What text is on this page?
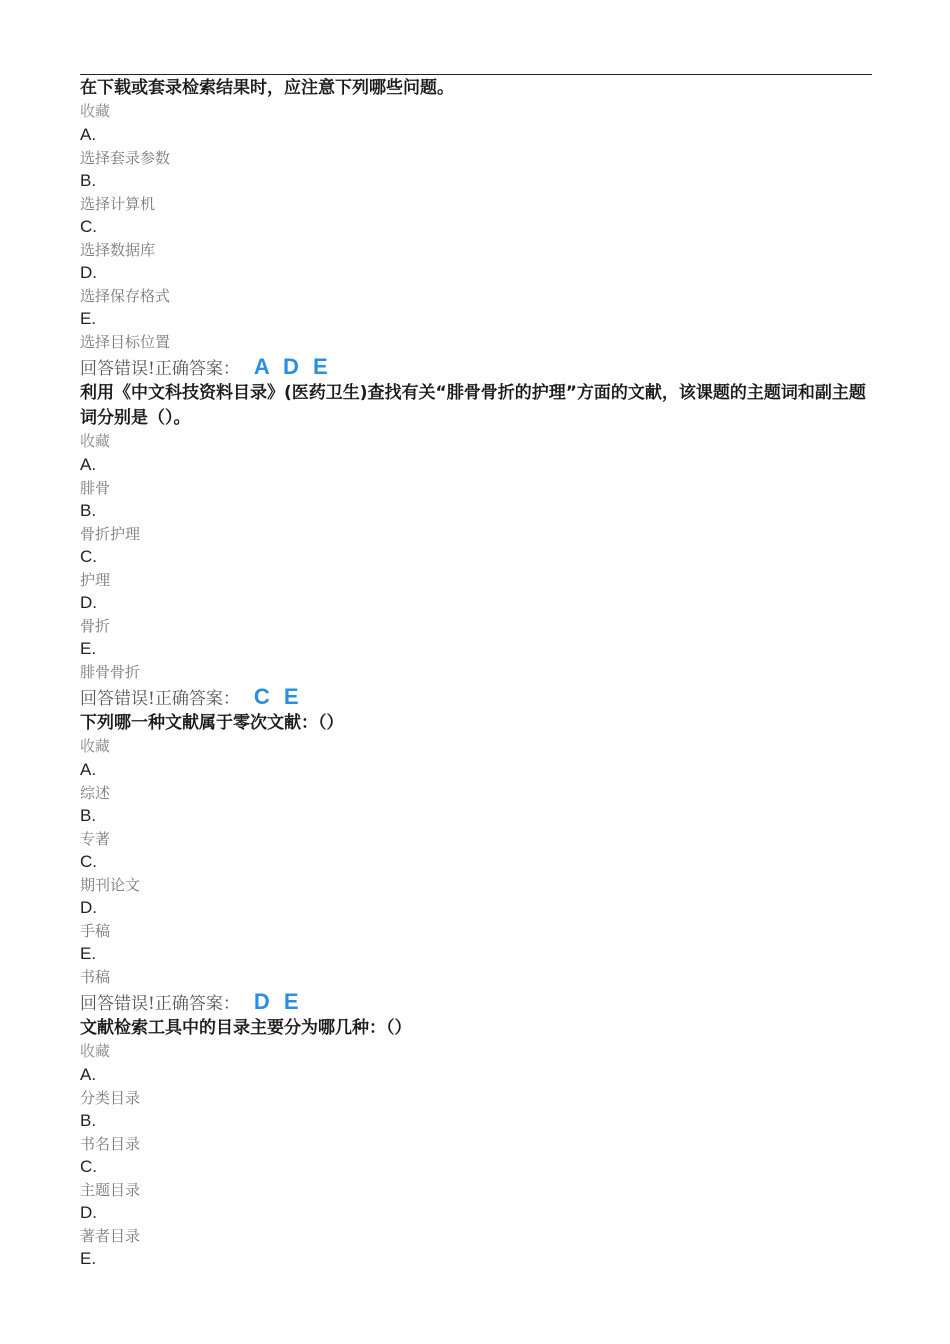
在下载或套录检索结果时，应注意下列哪些问题。

收藏

A.

选择套录参数

B.

选择计算机

C.

选择数据库

D.

选择保存格式

E.

选择目标位置

回答错误!正确答案： A D E

利用《中文科技资料目录》(医药卫生)查找有关“腓骨骨折的护理”方面的文献，该课题的主题词和副主题词分别是（）。

收藏

A.

腓骨

B.

骨折护理

C.

护理

D.

骨折

E.

腓骨骨折

回答错误!正确答案： C E

下列哪一种文献属于零次文献：（）

收藏

A.

综述

B.

专著

C.

期刊论文

D.

手稿

E.

书稿

回答错误!正确答案： D E

文献检索工具中的目录主要分为哪几种：（）

收藏

A.

分类目录

B.

书名目录

C.

主题目录

D.

著者目录

E.
